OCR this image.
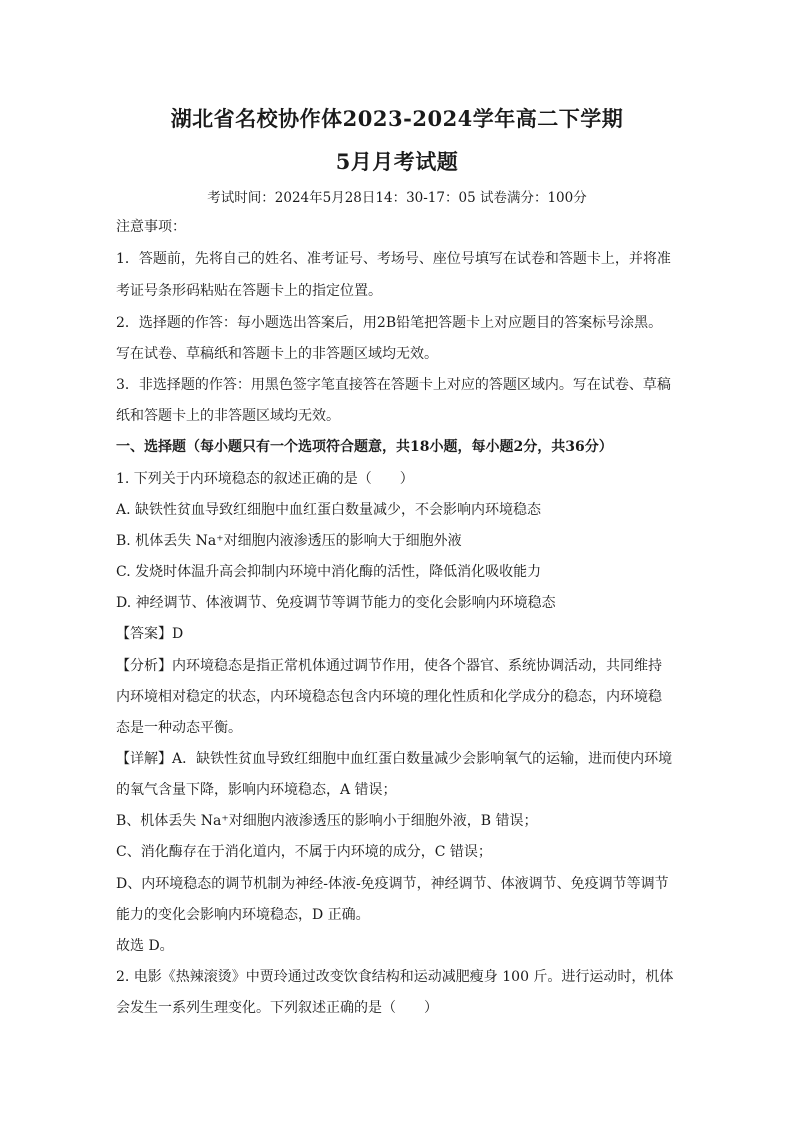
湖北省名校协作体2023-2024学年高二下学期
5月月考试题
考试时间：2024年5月28日14：30-17：05 试卷满分：100分
注意事项：
1．答题前，先将自己的姓名、准考证号、考场号、座位号填写在试卷和答题卡上，并将准
考证号条形码粘贴在答题卡上的指定位置。
2．选择题的作答：每小题选出答案后，用2B铅笔把答题卡上对应题目的答案标号涂黑。
写在试卷、草稿纸和答题卡上的非答题区域均无效。
3．非选择题的作答：用黑色签字笔直接答在答题卡上对应的答题区域内。写在试卷、草稿
纸和答题卡上的非答题区域均无效。
一、选择题（每小题只有一个选项符合题意，共18小题，每小题2分，共36分）
1. 下列关于内环境稳态的叙述正确的是（　　）
A. 缺铁性贫血导致红细胞中血红蛋白数量减少，不会影响内环境稳态
B. 机体丢失 Na⁺对细胞内液渗透压的影响大于细胞外液
C. 发烧时体温升高会抑制内环境中消化酶的活性，降低消化吸收能力
D. 神经调节、体液调节、免疫调节等调节能力的变化会影响内环境稳态
【答案】D
【分析】内环境稳态是指正常机体通过调节作用，使各个器官、系统协调活动，共同维持
内环境相对稳定的状态，内环境稳态包含内环境的理化性质和化学成分的稳态，内环境稳
态是一种动态平衡。
【详解】A．缺铁性贫血导致红细胞中血红蛋白数量减少会影响氧气的运输，进而使内环境
的氧气含量下降，影响内环境稳态，A 错误；
B、机体丢失 Na⁺对细胞内液渗透压的影响小于细胞外液，B 错误；
C、消化酶存在于消化道内，不属于内环境的成分，C 错误；
D、内环境稳态的调节机制为神经-体液-免疫调节，神经调节、体液调节、免疫调节等调节
能力的变化会影响内环境稳态，D 正确。
故选 D。
2. 电影《热辣滚烫》中贾玲通过改变饮食结构和运动减肥瘦身 100 斤。进行运动时，机体
会发生一系列生理变化。下列叙述正确的是（　　）
